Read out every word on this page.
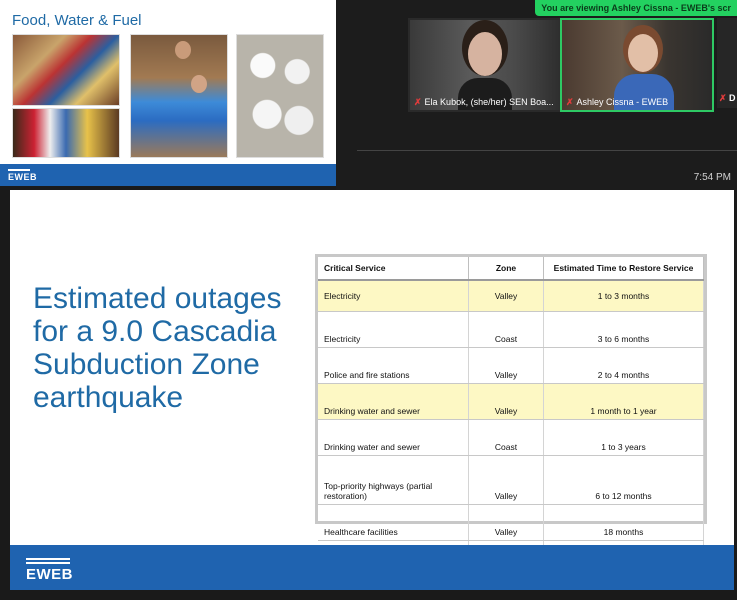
Food, Water & Fuel
EWEB
You are viewing Ashley Cissna - EWEB's scr
✗ Ela Kubok, (she/her) SEN Boa...	✗ Ashley Cissna - EWEB	✗ D
7:54 PM
Estimated outages for a 9.0 Cascadia Subduction Zone earthquake
Critical Service	Zone	Estimated Time to Restore Service
Electricity	Valley	1 to 3 months
Electricity	Coast	3 to 6 months
Police and fire stations	Valley	2 to 4 months
Drinking water and sewer	Valley	1 month to 1 year
Drinking water and sewer	Coast	1 to 3 years
Top-priority highways (partial restoration)	Valley	6 to 12 months
Healthcare facilities	Valley	18 months

EWEB
